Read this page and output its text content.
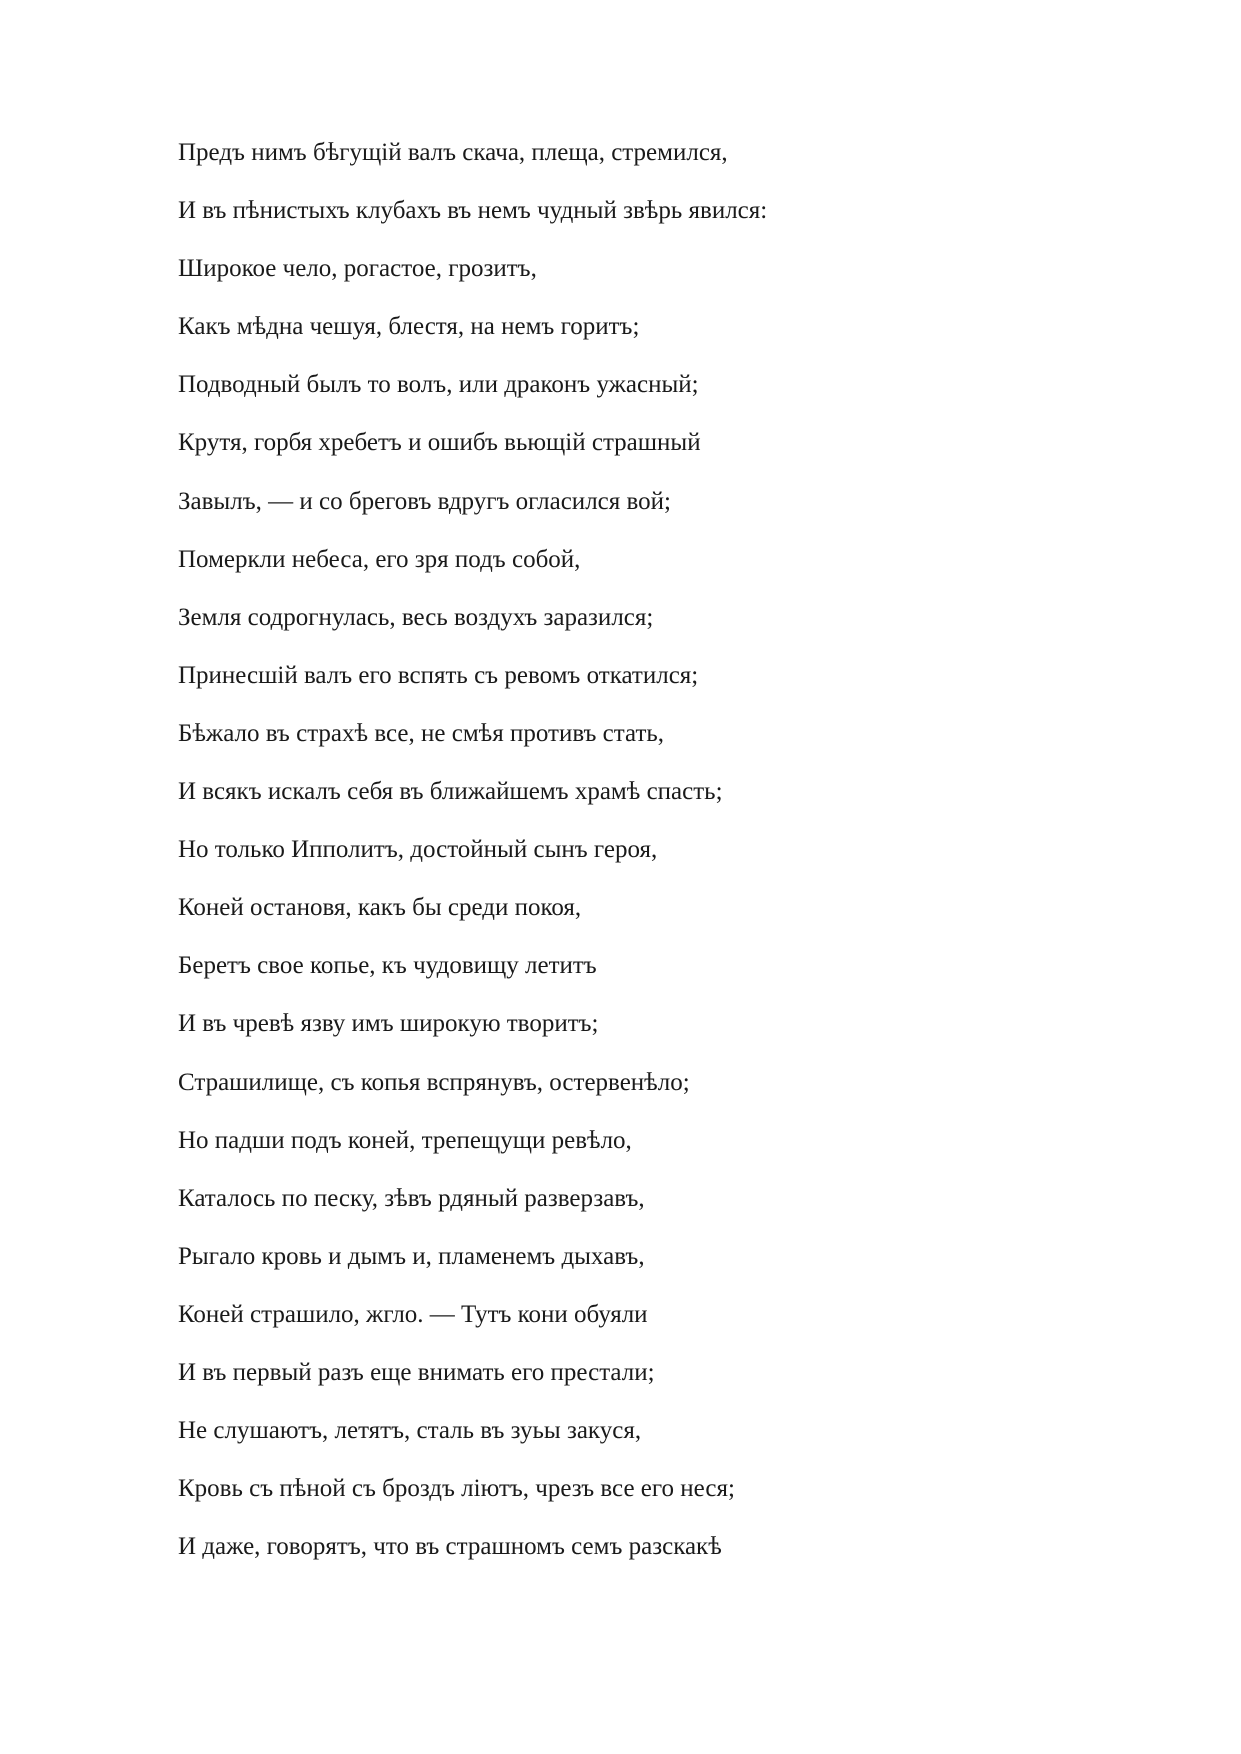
Предъ нимъ бѣгущій валъ скача, плеща, стремился,
И въ пѣнистыхъ клубахъ въ немъ чудный звѣрь явился:
Широкое чело, рогастое, грозитъ,
Какъ мѣдна чешуя, блестя, на немъ горитъ;
Подводный былъ то волъ, или драконъ ужасный;
Крутя, горбя хребетъ и ошибъ вьющій страшный
Завылъ, — и со бреговъ вдругъ огласился вой;
Померкли небеса, его зря подъ собой,
Земля содрогнулась, весь воздухъ заразился;
Принесшій валъ его вспять съ ревомъ откатился;
Бѣжало въ страхѣ все, не смѣя противъ стать,
И всякъ искалъ себя въ ближайшемъ храмѣ спасть;
Но только Ипполитъ, достойный сынъ героя,
Коней остановя, какъ бы среди покоя,
Беретъ свое копье, къ чудовищу летитъ
И въ чревѣ язву имъ широкую творитъ;
Страшилище, съ копья вспрянувъ, остервенѣло;
Но падши подъ коней, трепещущи ревѣло,
Каталось по песку, зѣвъ рдяный разверзавъ,
Рыгало кровь и дымъ и, пламенемъ дыхавъ,
Коней страшило, жгло. — Тутъ кони обуяли
И въ первый разъ еще внимать его престали;
Не слушаютъ, летятъ, сталь въ зуьы закуся,
Кровь съ пѣной съ броздъ ліютъ, чрезъ все его неся;
И даже, говорятъ, что въ страшномъ семъ разскакѣ
